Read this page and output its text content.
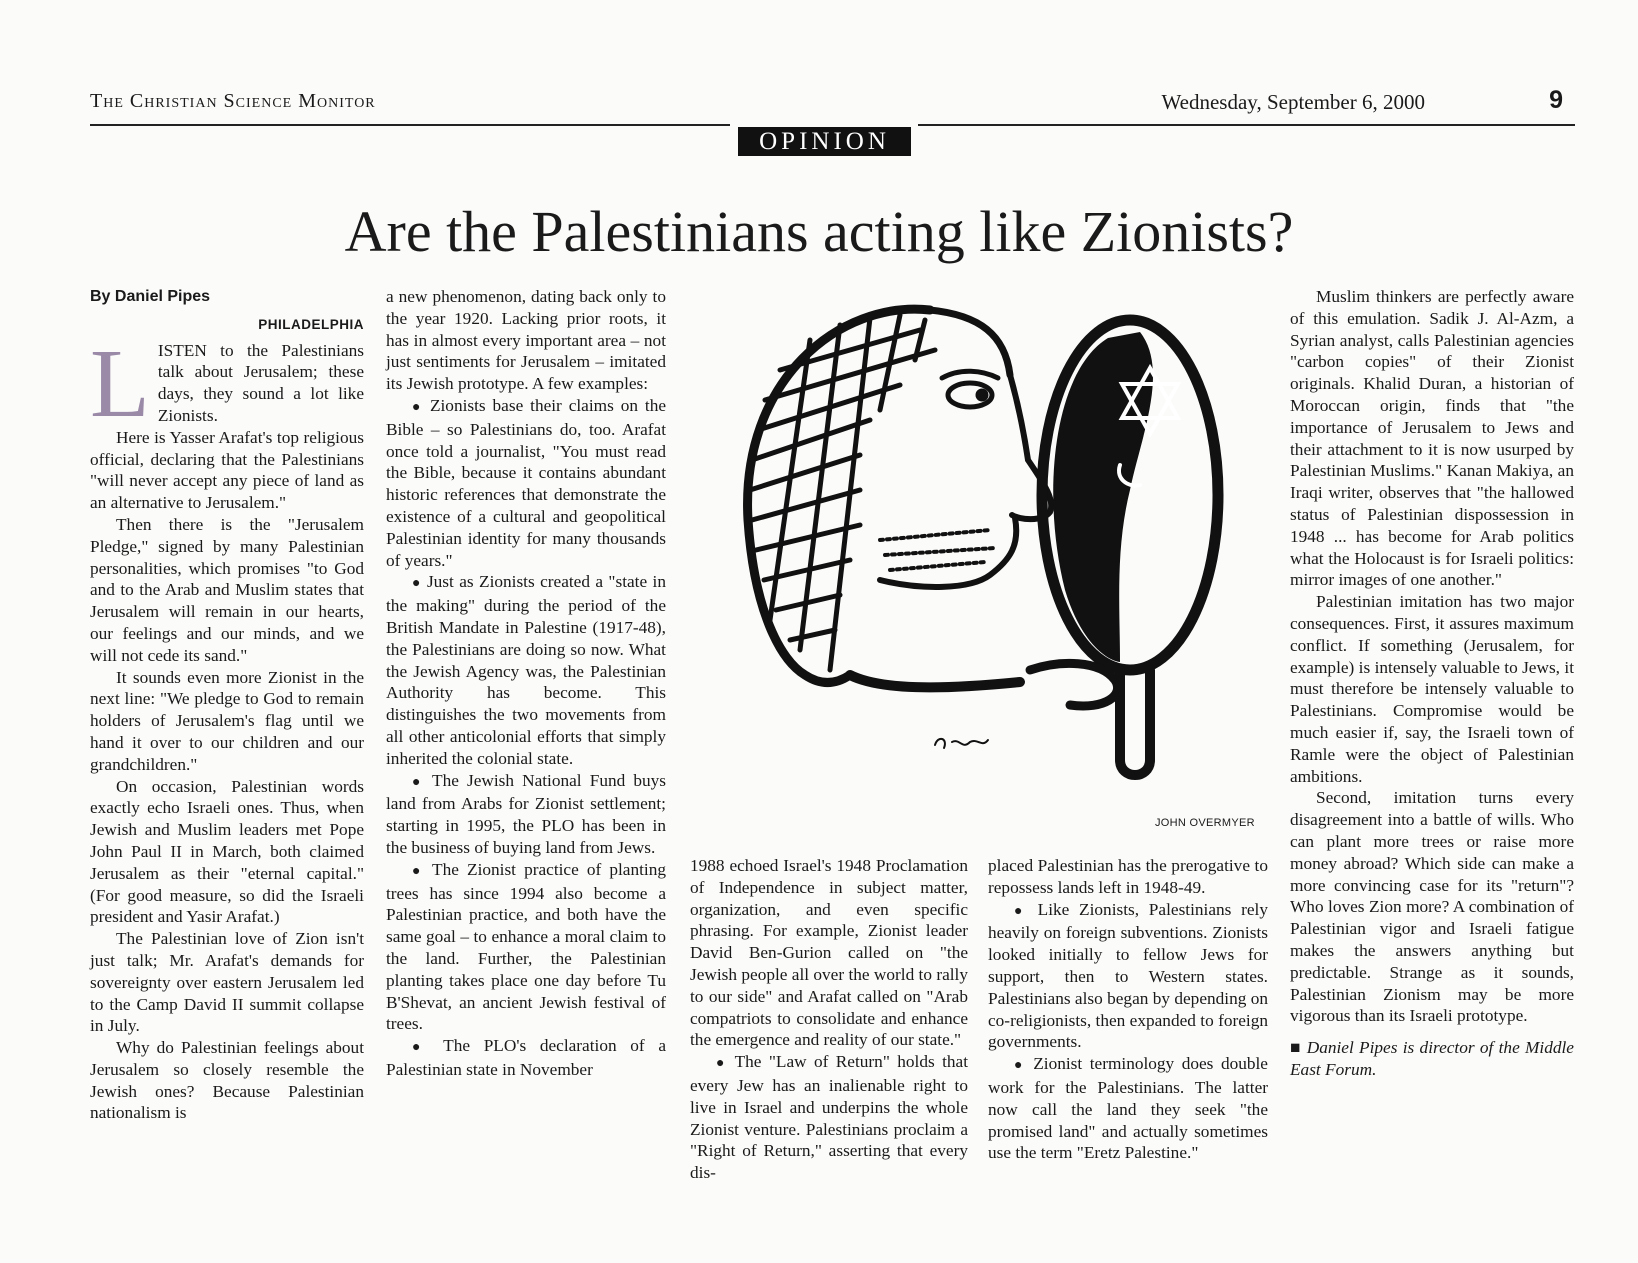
The Christian Science Monitor	Wednesday, September 6, 2000	9
OPINION
Are the Palestinians acting like Zionists?
By Daniel Pipes
PHILADELPHIA

LISTEN to the Palestinians talk about Jerusalem; these days, they sound a lot like Zionists.

Here is Yasser Arafat's top religious official, declaring that the Palestinians "will never accept any piece of land as an alternative to Jerusalem."

Then there is the "Jerusalem Pledge," signed by many Palestinian personalities, which promises "to God and to the Arab and Muslim states that Jerusalem will remain in our hearts, our feelings and our minds, and we will not cede its sand."

It sounds even more Zionist in the next line: "We pledge to God to remain holders of Jerusalem's flag until we hand it over to our children and our grandchildren."

On occasion, Palestinian words exactly echo Israeli ones. Thus, when Jewish and Muslim leaders met Pope John Paul II in March, both claimed Jerusalem as their "eternal capital." (For good measure, so did the Israeli president and Yasir Arafat.)

The Palestinian love of Zion isn't just talk; Mr. Arafat's demands for sovereignty over eastern Jerusalem led to the Camp David II summit collapse in July.

Why do Palestinian feelings about Jerusalem so closely resemble the Jewish ones? Because Palestinian nationalism is

a new phenomenon, dating back only to the year 1920. Lacking prior roots, it has in almost every important area – not just sentiments for Jerusalem – imitated its Jewish prototype. A few examples:

● Zionists base their claims on the Bible – so Palestinians do, too. Arafat once told a journalist, "You must read the Bible, because it contains abundant historic references that demonstrate the existence of a cultural and geopolitical Palestinian identity for many thousands of years."

● Just as Zionists created a "state in the making" during the period of the British Mandate in Palestine (1917-48), the Palestinians are doing so now. What the Jewish Agency was, the Palestinian Authority has become. This distinguishes the two movements from all other anticolonial efforts that simply inherited the colonial state.

● The Jewish National Fund buys land from Arabs for Zionist settlement; starting in 1995, the PLO has been in the business of buying land from Jews.

● The Zionist practice of planting trees has since 1994 also become a Palestinian practice, and both have the same goal – to enhance a moral claim to the land. Further, the Palestinian planting takes place one day before Tu B'Shevat, an ancient Jewish festival of trees.

● The PLO's declaration of a Palestinian state in November

JOHN OVERMYER

1988 echoed Israel's 1948 Proclamation of Independence in subject matter, organization, and even specific phrasing. For example, Zionist leader David Ben-Gurion called on "the Jewish people all over the world to rally to our side" and Arafat called on "Arab compatriots to consolidate and enhance the emergence and reality of our state."

● The "Law of Return" holds that every Jew has an inalienable right to live in Israel and underpins the whole Zionist venture. Palestinians proclaim a "Right of Return," asserting that every dis-

placed Palestinian has the prerogative to repossess lands left in 1948-49.

● Like Zionists, Palestinians rely heavily on foreign subventions. Zionists looked initially to fellow Jews for support, then to Western states. Palestinians also began by depending on co-religionists, then expanded to foreign governments.

● Zionist terminology does double work for the Palestinians. The latter now call the land they seek "the promised land" and actually sometimes use the term "Eretz Palestine."

Muslim thinkers are perfectly aware of this emulation. Sadik J. Al-Azm, a Syrian analyst, calls Palestinian agencies "carbon copies" of their Zionist originals. Khalid Duran, a historian of Moroccan origin, finds that "the importance of Jerusalem to Jews and their attachment to it is now usurped by Palestinian Muslims." Kanan Makiya, an Iraqi writer, observes that "the hallowed status of Palestinian dispossession in 1948 ... has become for Arab politics what the Holocaust is for Israeli politics: mirror images of one another."

Palestinian imitation has two major consequences. First, it assures maximum conflict. If something (Jerusalem, for example) is intensely valuable to Jews, it must therefore be intensely valuable to Palestinians. Compromise would be much easier if, say, the Israeli town of Ramle were the object of Palestinian ambitions.

Second, imitation turns every disagreement into a battle of wills. Who can plant more trees or raise more money abroad? Which side can make a more convincing case for its "return"? Who loves Zion more? A combination of Palestinian vigor and Israeli fatigue makes the answers anything but predictable. Strange as it sounds, Palestinian Zionism may be more vigorous than its Israeli prototype.

■ Daniel Pipes is director of the Middle East Forum.
